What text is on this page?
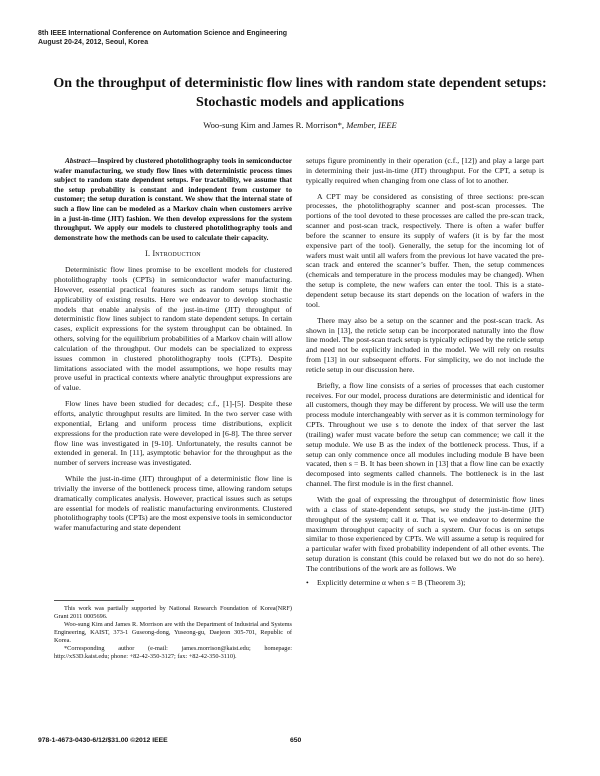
8th IEEE International Conference on Automation Science and Engineering
August 20-24, 2012, Seoul, Korea
On the throughput of deterministic flow lines with random state dependent setups: Stochastic models and applications
Woo-sung Kim and James R. Morrison*, Member, IEEE
Abstract—Inspired by clustered photolithography tools in semiconductor wafer manufacturing, we study flow lines with deterministic process times subject to random state dependent setups. For tractability, we assume that the setup probability is constant and independent from customer to customer; the setup duration is constant. We show that the internal state of such a flow line can be modeled as a Markov chain when customers arrive in a just-in-time (JIT) fashion. We then develop expressions for the system throughput. We apply our models to clustered photolithography tools and demonstrate how the methods can be used to calculate their capacity.
I. Introduction

Deterministic flow lines promise to be excellent models for clustered photolithography tools (CPTs) in semiconductor wafer manufacturing. However, essential practical features such as random setups limit the applicability of existing results. Here we endeavor to develop stochastic models that enable analysis of the just-in-time (JIT) throughput of deterministic flow lines subject to random state dependent setups. In certain cases, explicit expressions for the system throughput can be obtained. In others, solving for the equilibrium probabilities of a Markov chain will allow calculation of the throughput. Our models can be specialized to express issues common in clustered photolithography tools (CPTs). Despite limitations associated with the model assumptions, we hope results may prove useful in practical contexts where analytic throughput expressions are of value.

Flow lines have been studied for decades; c.f., [1]-[5]. Despite these efforts, analytic throughput results are limited. In the two server case with exponential, Erlang and uniform process time distributions, explicit expressions for the production rate were developed in [6-8]. The three server flow line was investigated in [9-10]. Unfortunately, the results cannot be extended in general. In [11], asymptotic behavior for the throughput as the number of servers increase was investigated.

While the just-in-time (JIT) throughput of a deterministic flow line is trivially the inverse of the bottleneck process time, allowing random setups dramatically complicates analysis. However, practical issues such as setups are essential for models of realistic manufacturing environments. Clustered photolithography tools (CPTs) are the most expensive tools in semiconductor wafer manufacturing and state dependent

This work was partially supported by National Research Foundation of Korea(NRF) Grant 2011 0005696.

Woo-sung Kim and James R. Morrison are with the Department of Industrial and Systems Engineering, KAIST, 373-1 Guseong-dong, Yuseong-gu, Daejeon 305-701, Republic of Korea.

*Corresponding author (e-mail: james.morrison@kaist.edu; homepage: http://xS3D.kaist.edu; phone: +82-42-350-3127; fax: +82-42-350-3110).

setups figure prominently in their operation (c.f., [12]) and play a large part in determining their just-in-time (JIT) throughput. For the CPT, a setup is typically required when changing from one class of lot to another.

A CPT may be considered as consisting of three sections: pre-scan processes, the photolithography scanner and post-scan processes. The portions of the tool devoted to these processes are called the pre-scan track, scanner and post-scan track, respectively. There is often a wafer buffer before the scanner to ensure its supply of wafers (it is by far the most expensive part of the tool). Generally, the setup for the incoming lot of wafers must wait until all wafers from the previous lot have vacated the pre-scan track and entered the scanner’s buffer. Then, the setup commences (chemicals and temperature in the process modules may be changed). When the setup is complete, the new wafers can enter the tool. This is a state-dependent setup because its start depends on the location of wafers in the tool.

There may also be a setup on the scanner and the post-scan track. As shown in [13], the reticle setup can be incorporated naturally into the flow line model. The post-scan track setup is typically eclipsed by the reticle setup and need not be explicitly included in the model. We will rely on results from [13] in our subsequent efforts. For simplicity, we do not include the reticle setup in our discussion here.

Briefly, a flow line consists of a series of processes that each customer receives. For our model, process durations are deterministic and identical for all customers, though they may be different by process. We will use the term process module interchangeably with server as it is common terminology for CPTs. Throughout we use s to denote the index of that server the last (trailing) wafer must vacate before the setup can commence; we call it the setup module. We use B as the index of the bottleneck process. Thus, if a setup can only commence once all modules including module B have been vacated, then s = B. It has been shown in [13] that a flow line can be exactly decomposed into segments called channels. The bottleneck is in the last channel. The first module is in the first channel.

With the goal of expressing the throughput of deterministic flow lines with a class of state-dependent setups, we study the just-in-time (JIT) throughput of the system; call it α. That is, we endeavor to determine the maximum throughput capacity of such a system. Our focus is on setups similar to those experienced by CPTs. We will assume a setup is required for a particular wafer with fixed probability independent of all other events. The setup duration is constant (this could be relaxed but we do not do so here). The contributions of the work are as follows. We

•	Explicitly determine α when s = B (Theorem 3);
978-1-4673-0430-6/12/$31.00 ©2012 IEEE	650
